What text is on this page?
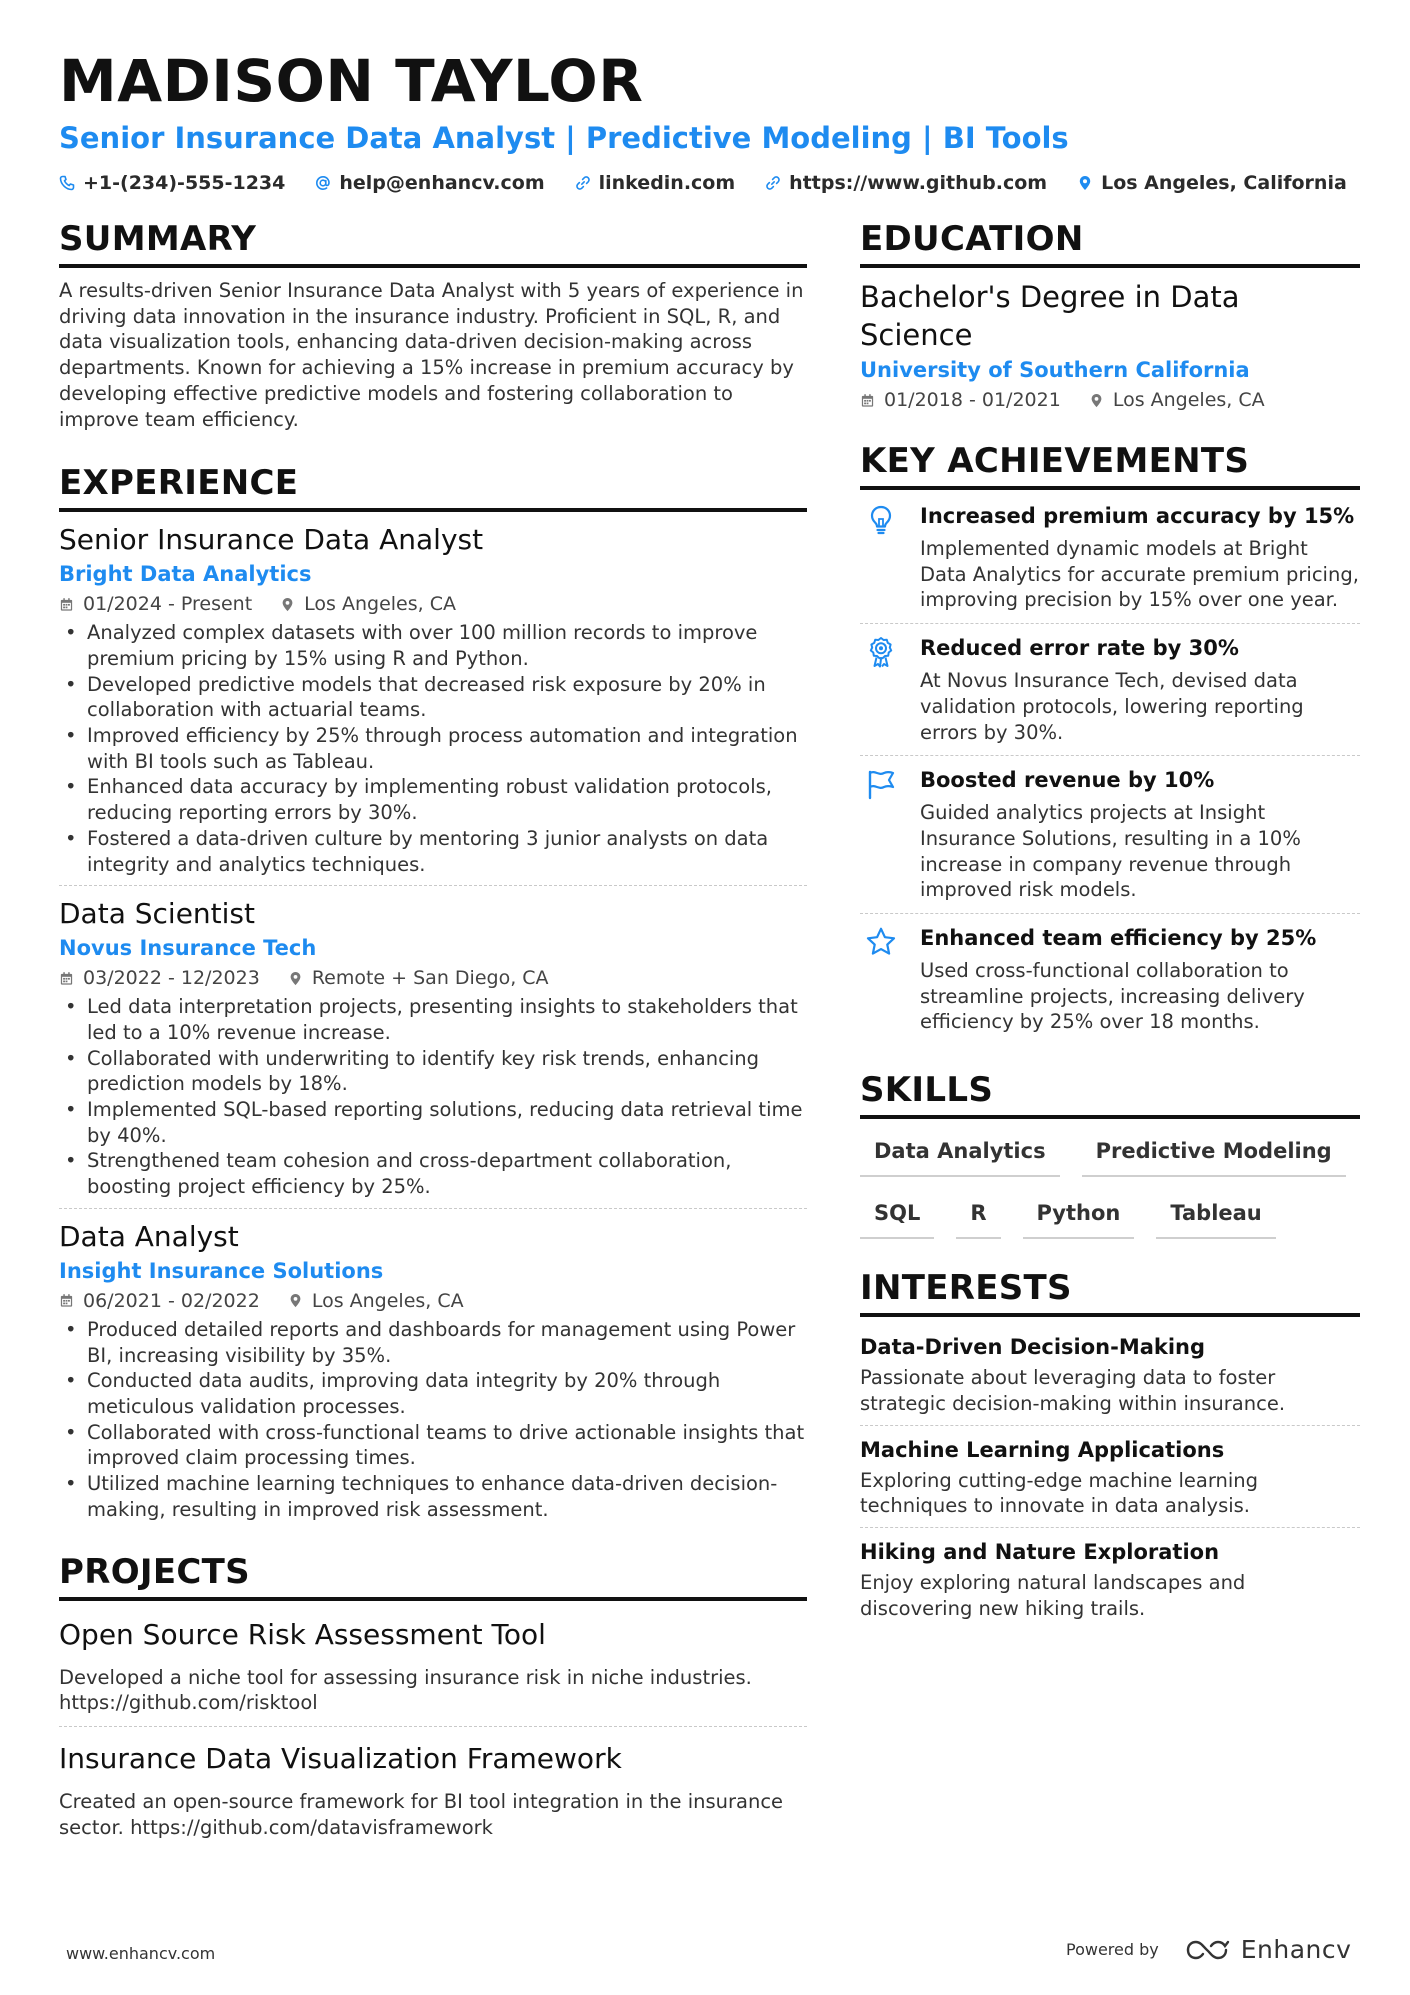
MADISON TAYLOR
Senior Insurance Data Analyst | Predictive Modeling | BI Tools
+1-(234)-555-1234	help@enhancv.com	linkedin.com	https://www.github.com	Los Angeles, California
SUMMARY

A results-driven Senior Insurance Data Analyst with 5 years of experience in driving data innovation in the insurance industry. Proficient in SQL, R, and data visualization tools, enhancing data-driven decision-making across departments. Known for achieving a 15% increase in premium accuracy by developing effective predictive models and fostering collaboration to improve team efficiency.

EXPERIENCE
Senior Insurance Data Analyst
Bright Data Analytics
01/2024 - Present	Los Angeles, CA
• Analyzed complex datasets with over 100 million records to improve premium pricing by 15% using R and Python.
• Developed predictive models that decreased risk exposure by 20% in collaboration with actuarial teams.
• Improved efficiency by 25% through process automation and integration with BI tools such as Tableau.
• Enhanced data accuracy by implementing robust validation protocols, reducing reporting errors by 30%.
• Fostered a data-driven culture by mentoring 3 junior analysts on data integrity and analytics techniques.
Data Scientist
Novus Insurance Tech
03/2022 - 12/2023	Remote + San Diego, CA
• Led data interpretation projects, presenting insights to stakeholders that led to a 10% revenue increase.
• Collaborated with underwriting to identify key risk trends, enhancing prediction models by 18%.
• Implemented SQL-based reporting solutions, reducing data retrieval time by 40%.
• Strengthened team cohesion and cross-department collaboration, boosting project efficiency by 25%.
Data Analyst
Insight Insurance Solutions
06/2021 - 02/2022	Los Angeles, CA
• Produced detailed reports and dashboards for management using Power BI, increasing visibility by 35%.
• Conducted data audits, improving data integrity by 20% through meticulous validation processes.
• Collaborated with cross-functional teams to drive actionable insights that improved claim processing times.
• Utilized machine learning techniques to enhance data-driven decision-making, resulting in improved risk assessment.
PROJECTS
Open Source Risk Assessment Tool

Developed a niche tool for assessing insurance risk in niche industries. https://github.com/risktool

Insurance Data Visualization Framework

Created an open-source framework for BI tool integration in the insurance sector. https://github.com/datavisframework

EDUCATION
Bachelor's Degree in Data Science
University of Southern California
01/2018 - 01/2021	Los Angeles, CA
KEY ACHIEVEMENTS
Increased premium accuracy by 15%

Implemented dynamic models at Bright Data Analytics for accurate premium pricing, improving precision by 15% over one year.

Reduced error rate by 30%

At Novus Insurance Tech, devised data validation protocols, lowering reporting errors by 30%.

Boosted revenue by 10%

Guided analytics projects at Insight Insurance Solutions, resulting in a 10% increase in company revenue through improved risk models.

Enhanced team efficiency by 25%

Used cross-functional collaboration to streamline projects, increasing delivery efficiency by 25% over 18 months.

SKILLS
Data Analytics	Predictive Modeling
SQL	R	Python	Tableau
INTERESTS
Data-Driven Decision-Making

Passionate about leveraging data to foster strategic decision-making within insurance.

Machine Learning Applications

Exploring cutting-edge machine learning techniques to innovate in data analysis.

Hiking and Nature Exploration

Enjoy exploring natural landscapes and discovering new hiking trails.

www.enhancv.com	Powered by	Enhancv
